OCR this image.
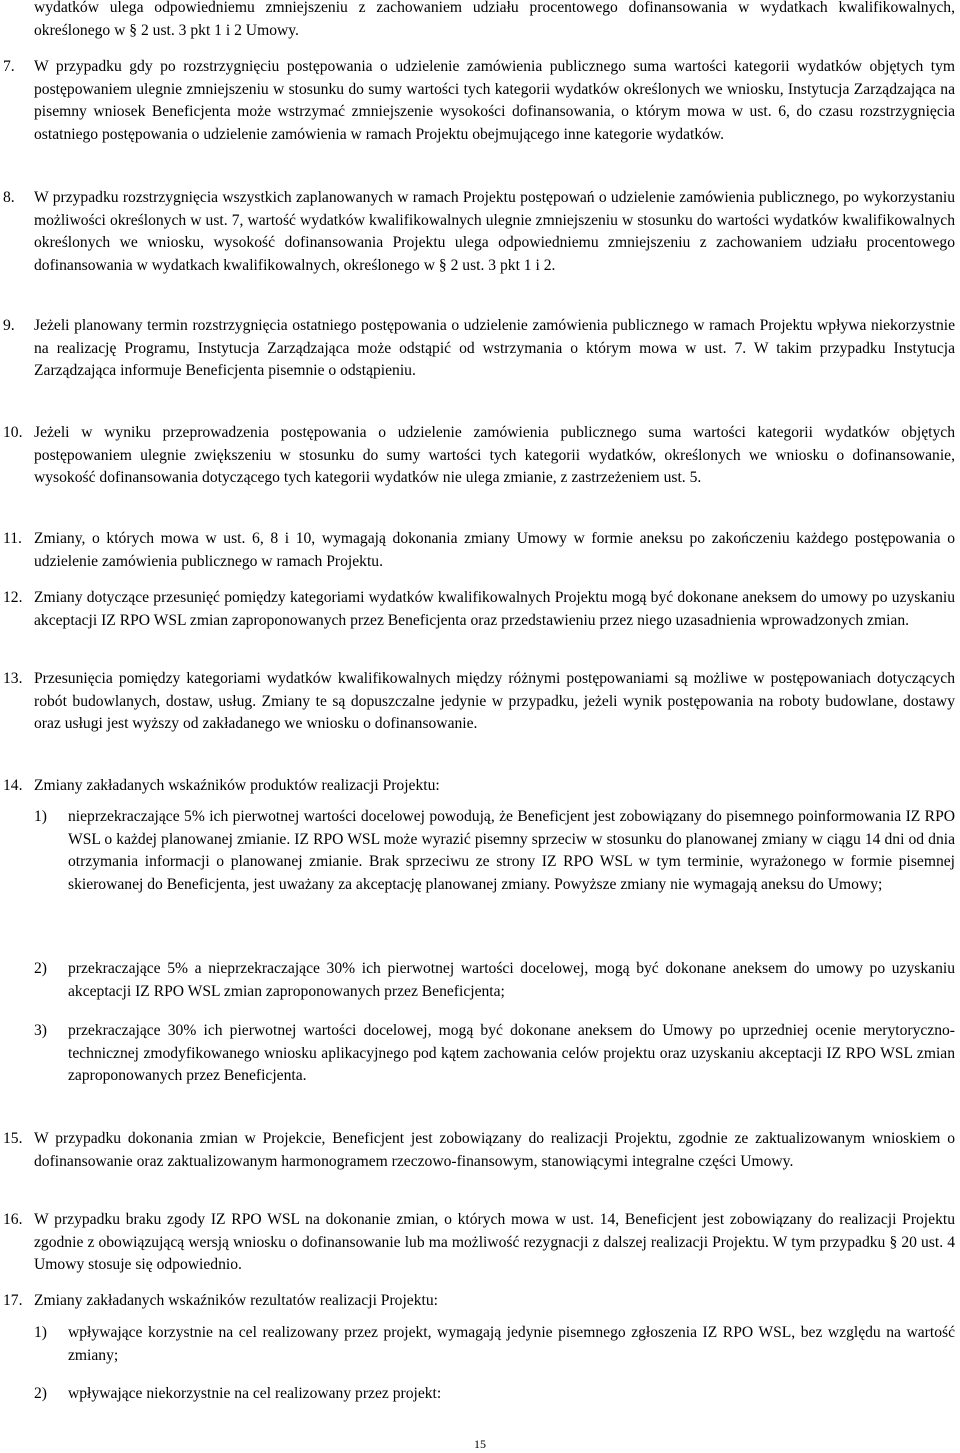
wydatków ulega odpowiedniemu zmniejszeniu z zachowaniem udziału procentowego dofinansowania w wydatkach kwalifikowalnych, określonego w § 2 ust. 3 pkt 1 i 2 Umowy.
7.	W przypadku gdy po rozstrzygnięciu postępowania o udzielenie zamówienia publicznego suma wartości kategorii wydatków objętych tym postępowaniem ulegnie zmniejszeniu w stosunku do sumy wartości tych kategorii wydatków określonych we wniosku, Instytucja Zarządzająca na pisemny wniosek Beneficjenta może wstrzymać zmniejszenie wysokości dofinansowania, o którym mowa w ust. 6, do czasu rozstrzygnięcia ostatniego postępowania o udzielenie zamówienia w ramach Projektu obejmującego inne kategorie wydatków.
8.	W przypadku rozstrzygnięcia wszystkich zaplanowanych w ramach Projektu postępowań o udzielenie zamówienia publicznego, po wykorzystaniu możliwości określonych w ust. 7, wartość wydatków kwalifikowalnych ulegnie zmniejszeniu w stosunku do wartości wydatków kwalifikowalnych określonych we wniosku, wysokość dofinansowania Projektu ulega odpowiedniemu zmniejszeniu z zachowaniem udziału procentowego dofinansowania w wydatkach kwalifikowalnych, określonego w § 2 ust. 3 pkt 1 i 2.
9.	Jeżeli planowany termin rozstrzygnięcia ostatniego postępowania o udzielenie zamówienia publicznego w ramach Projektu wpływa niekorzystnie na realizację Programu, Instytucja Zarządzająca może odstąpić od wstrzymania o którym mowa w ust. 7. W takim przypadku Instytucja Zarządzająca informuje Beneficjenta pisemnie o odstąpieniu.
10. Jeżeli w wyniku przeprowadzenia postępowania o udzielenie zamówienia publicznego suma wartości kategorii wydatków objętych postępowaniem ulegnie zwiększeniu w stosunku do sumy wartości tych kategorii wydatków, określonych we wniosku o dofinansowanie, wysokość dofinansowania dotyczącego tych kategorii wydatków nie ulega zmianie, z zastrzeżeniem ust. 5.
11. Zmiany, o których mowa w ust. 6, 8 i 10, wymagają dokonania zmiany Umowy w formie aneksu po zakończeniu każdego postępowania o udzielenie zamówienia publicznego w ramach Projektu.
12. Zmiany dotyczące przesunięć pomiędzy kategoriami wydatków kwalifikowalnych Projektu mogą być dokonane aneksem do umowy po uzyskaniu akceptacji IZ RPO WSL zmian zaproponowanych przez Beneficjenta oraz przedstawieniu przez niego uzasadnienia wprowadzonych zmian.
13. Przesunięcia pomiędzy kategoriami wydatków kwalifikowalnych między różnymi postępowaniami są możliwe w postępowaniach dotyczących robót budowlanych, dostaw, usług. Zmiany te są dopuszczalne jedynie w przypadku, jeżeli wynik postępowania na roboty budowlane, dostawy oraz usługi jest wyższy od zakładanego we wniosku o dofinansowanie.
14. Zmiany zakładanych wskaźników produktów realizacji Projektu:
1)	nieprzekraczające 5% ich pierwotnej wartości docelowej powodują, że Beneficjent jest zobowiązany do pisemnego poinformowania IZ RPO WSL o każdej planowanej zmianie. IZ RPO WSL może wyrazić pisemny sprzeciw w stosunku do planowanej zmiany w ciągu 14 dni od dnia otrzymania informacji o planowanej zmianie. Brak sprzeciwu ze strony IZ RPO WSL w tym terminie, wyrażonego w formie pisemnej skierowanej do Beneficjenta, jest uważany za akceptację planowanej zmiany. Powyższe zmiany nie wymagają aneksu do Umowy;
2)	przekraczające 5% a nieprzekraczające 30% ich pierwotnej wartości docelowej, mogą być dokonane aneksem do umowy po uzyskaniu akceptacji IZ RPO WSL zmian zaproponowanych przez Beneficjenta;
3)	przekraczające 30% ich pierwotnej wartości docelowej, mogą być dokonane aneksem do Umowy po uprzedniej ocenie merytoryczno-technicznej zmodyfikowanego wniosku aplikacyjnego pod kątem zachowania celów projektu oraz uzyskaniu akceptacji IZ RPO WSL zmian zaproponowanych przez Beneficjenta.
15. W przypadku dokonania zmian w Projekcie, Beneficjent jest zobowiązany do realizacji Projektu, zgodnie ze zaktualizowanym wnioskiem o dofinansowanie oraz zaktualizowanym harmonogramem rzeczowo-finansowym, stanowiącymi integralne części Umowy.
16. W przypadku braku zgody IZ RPO WSL na dokonanie zmian, o których mowa w ust. 14, Beneficjent jest zobowiązany do realizacji Projektu zgodnie z obowiązującą wersją wniosku o dofinansowanie lub ma możliwość rezygnacji z dalszej realizacji Projektu. W tym przypadku § 20 ust. 4 Umowy stosuje się odpowiednio.
17. Zmiany zakładanych wskaźników rezultatów realizacji Projektu:
1)	wpływające korzystnie na cel realizowany przez projekt, wymagają jedynie pisemnego zgłoszenia IZ RPO WSL, bez względu na wartość zmiany;
2)	wpływające niekorzystnie na cel realizowany przez projekt:
15
